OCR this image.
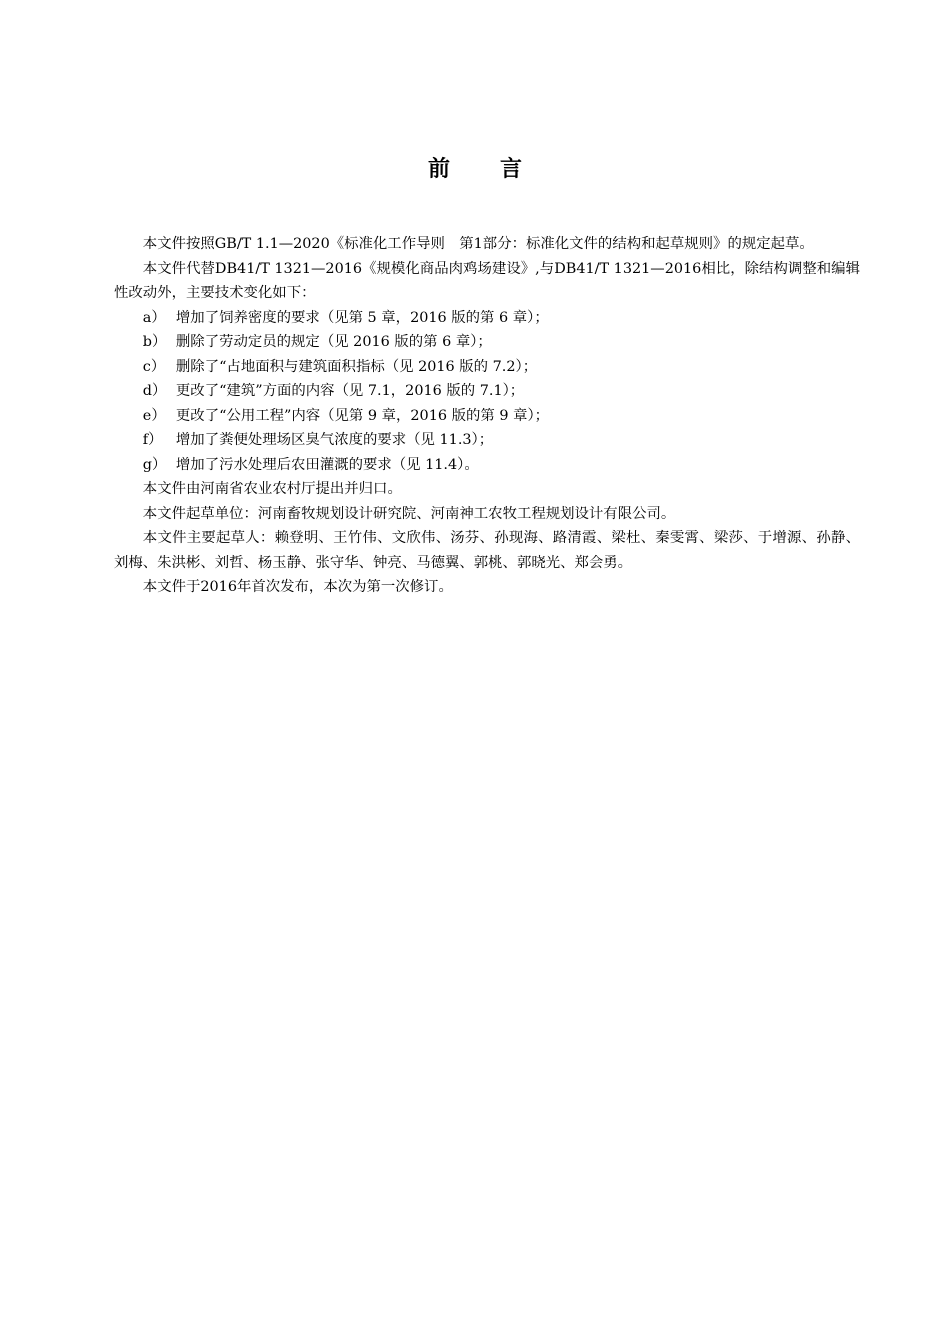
前言

本文件按照GB/T 1.1—2020《标准化工作导则　第1部分：标准化文件的结构和起草规则》的规定起草。

本文件代替DB41/T 1321—2016《规模化商品肉鸡场建设》,与DB41/T 1321—2016相比，除结构调整和编辑性改动外，主要技术变化如下：

a） 增加了饲养密度的要求（见第 5 章，2016 版的第 6 章）；

b） 删除了劳动定员的规定（见 2016 版的第 6 章）；

c） 删除了“占地面积与建筑面积指标（见 2016 版的 7.2）；

d） 更改了“建筑”方面的内容（见 7.1，2016 版的 7.1）；

e） 更改了“公用工程”内容（见第 9 章，2016 版的第 9 章）；

f） 增加了粪便处理场区臭气浓度的要求（见 11.3）；

g） 增加了污水处理后农田灌溉的要求（见 11.4）。

本文件由河南省农业农村厅提出并归口。

本文件起草单位：河南畜牧规划设计研究院、河南神工农牧工程规划设计有限公司。

本文件主要起草人：赖登明、王竹伟、文欣伟、汤芬、孙现海、路清霞、梁杜、秦雯霄、梁莎、于增源、孙静、刘梅、朱洪彬、刘哲、杨玉静、张守华、钟亮、马德翼、郭桃、郭晓光、郑会勇。

本文件于2016年首次发布，本次为第一次修订。
